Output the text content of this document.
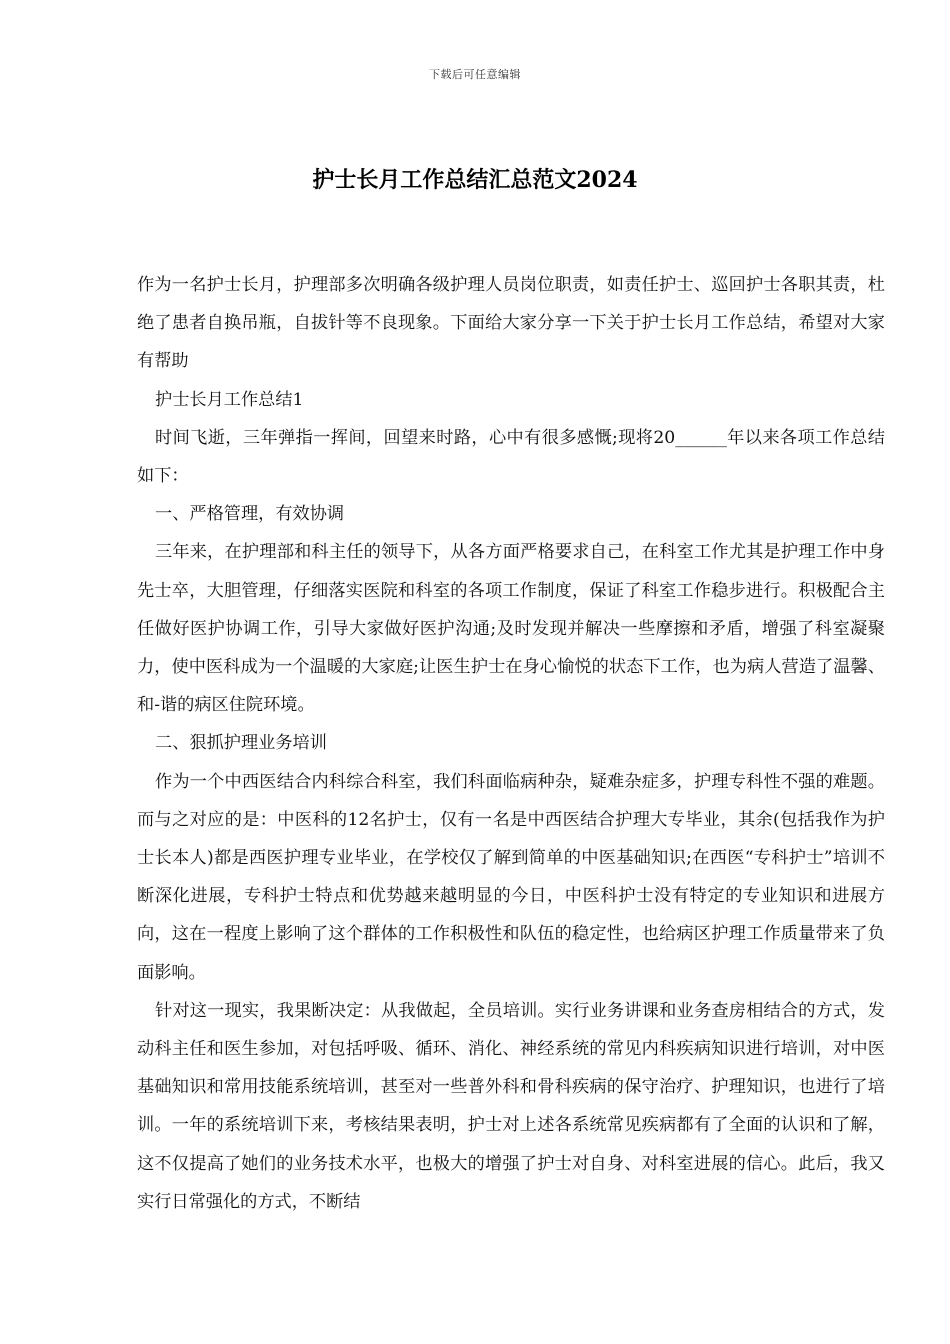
下载后可任意编辑
护士长月工作总结汇总范文2024

作为一名护士长月，护理部多次明确各级护理人员岗位职责，如责任护士、巡回护士各职其责，杜绝了患者自换吊瓶，自拔针等不良现象。下面给大家分享一下关于护士长月工作总结，希望对大家有帮助

护士长月工作总结1

时间飞逝，三年弹指一挥间，回望来时路，心中有很多感慨;现将20______年以来各项工作总结如下：

一、严格管理，有效协调

三年来，在护理部和科主任的领导下，从各方面严格要求自己，在科室工作尤其是护理工作中身先士卒，大胆管理，仔细落实医院和科室的各项工作制度，保证了科室工作稳步进行。积极配合主任做好医护协调工作，引导大家做好医护沟通;及时发现并解决一些摩擦和矛盾，增强了科室凝聚力，使中医科成为一个温暖的大家庭;让医生护士在身心愉悦的状态下工作，也为病人营造了温馨、和-谐的病区住院环境。

二、狠抓护理业务培训

作为一个中西医结合内科综合科室，我们科面临病种杂，疑难杂症多，护理专科性不强的难题。而与之对应的是：中医科的12名护士，仅有一名是中西医结合护理大专毕业，其余(包括我作为护士长本人)都是西医护理专业毕业，在学校仅了解到简单的中医基础知识;在西医“专科护士”培训不断深化进展，专科护士特点和优势越来越明显的今日，中医科护士没有特定的专业知识和进展方向，这在一程度上影响了这个群体的工作积极性和队伍的稳定性，也给病区护理工作质量带来了负面影响。

针对这一现实，我果断决定：从我做起，全员培训。实行业务讲课和业务查房相结合的方式，发动科主任和医生参加，对包括呼吸、循环、消化、神经系统的常见内科疾病知识进行培训，对中医基础知识和常用技能系统培训，甚至对一些普外科和骨科疾病的保守治疗、护理知识，也进行了培训。一年的系统培训下来，考核结果表明，护士对上述各系统常见疾病都有了全面的认识和了解，这不仅提高了她们的业务技术水平，也极大的增强了护士对自身、对科室进展的信心。此后，我又实行日常强化的方式，不断结
